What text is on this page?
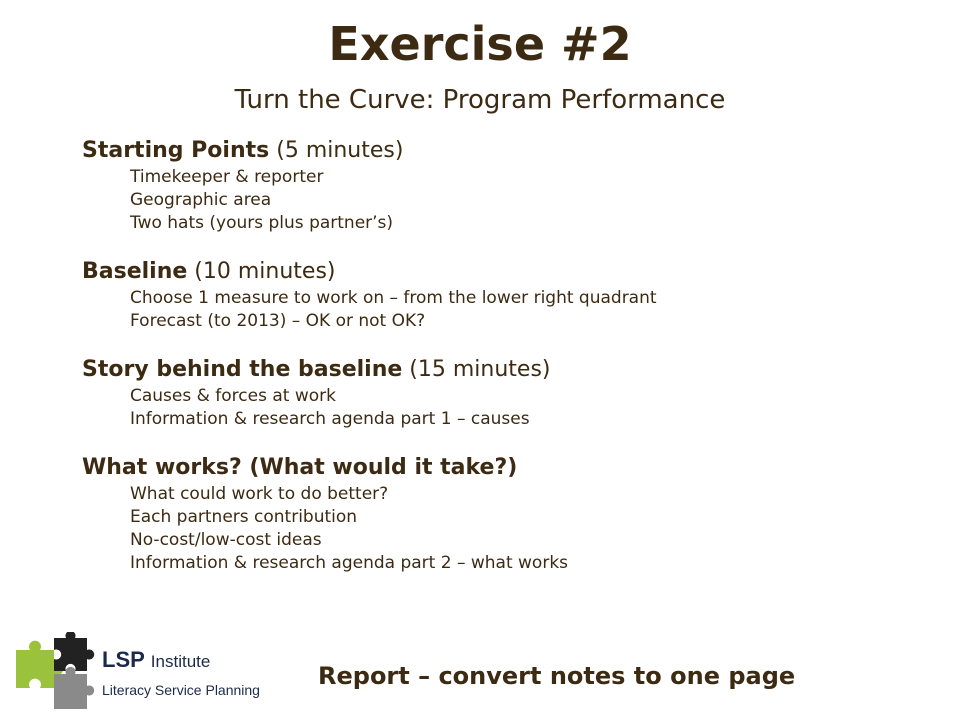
Exercise #2
Turn the Curve: Program Performance
Starting Points (5 minutes)
Timekeeper & reporter
Geographic area
Two hats (yours plus partner’s)
Baseline (10 minutes)
Choose 1 measure to work on – from the lower right quadrant
Forecast (to 2013) – OK or not OK?
Story behind the baseline (15 minutes)
Causes & forces at work
Information & research agenda part 1 – causes
What works? (What would it take?)
What could work to do better?
Each partners contribution
No-cost/low-cost ideas
Information & research agenda part 2 – what works
LSP Institute
Literacy Service Planning Report – convert notes to one page
